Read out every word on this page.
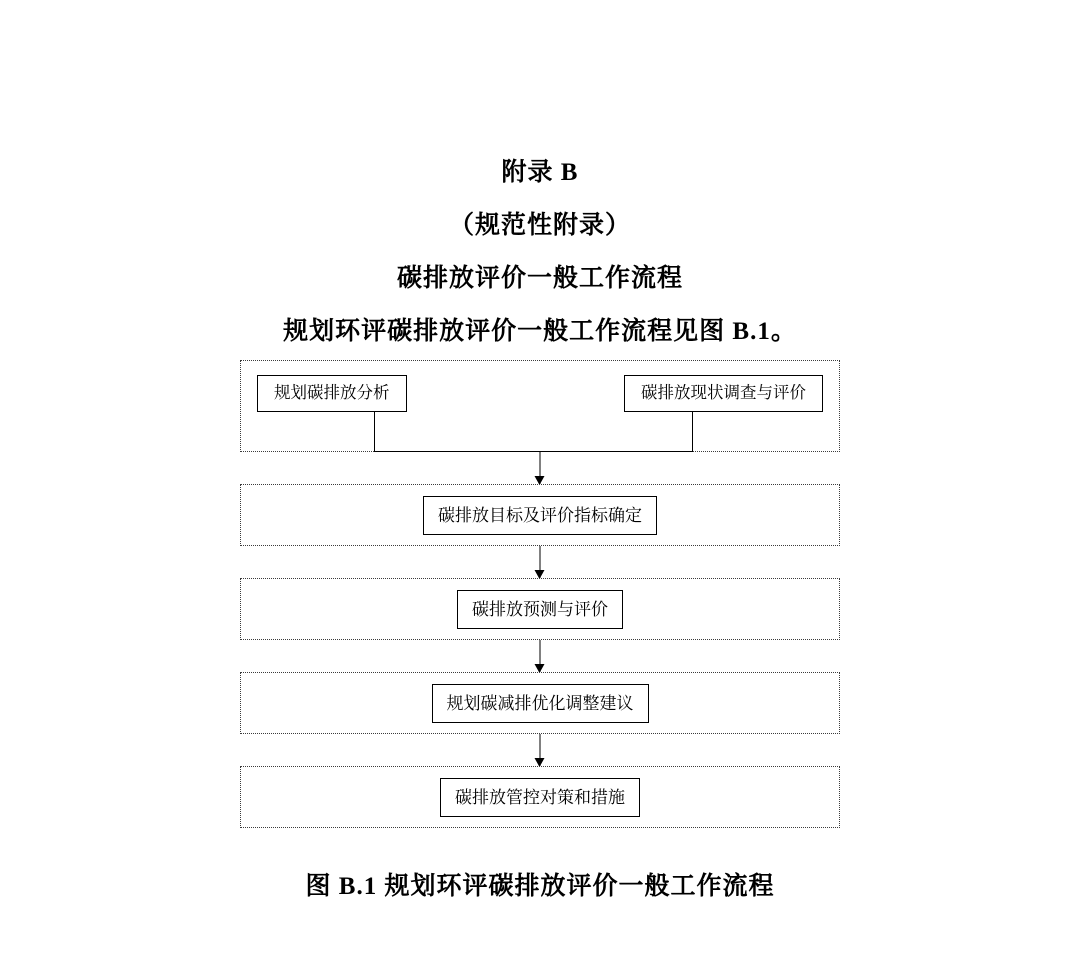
附录 B
（规范性附录）
碳排放评价一般工作流程
规划环评碳排放评价一般工作流程见图 B.1。
规划碳排放分析	碳排放现状调查与评价
碳排放目标及评价指标确定
碳排放预测与评价
规划碳减排优化调整建议
碳排放管控对策和措施
图 B.1 规划环评碳排放评价一般工作流程
